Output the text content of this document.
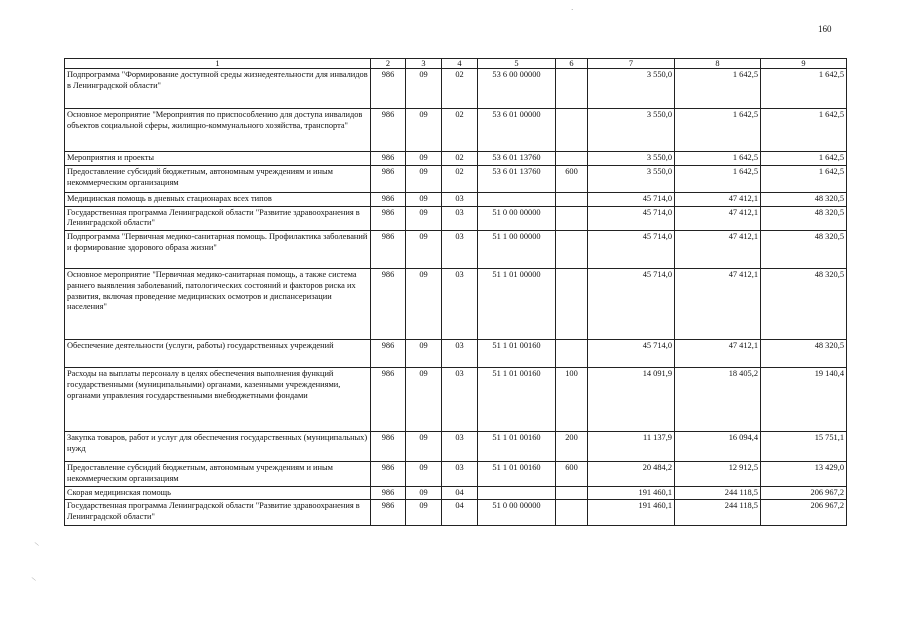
160
·
/
/
1	2	3	4	5	6	7	8	9
Подпрограмма "Формирование доступной среды жизнедеятельности для инвалидов в Ленинградской области"	986	09	02	53 6 00 00000		3 550,0	1 642,5	1 642,5
Основное мероприятие "Мероприятия по приспособлению для доступа инвалидов объектов социальной сферы, жилищно-коммунального хозяйства, транспорта"	986	09	02	53 6 01 00000		3 550,0	1 642,5	1 642,5
Мероприятия и проекты	986	09	02	53 6 01 13760		3 550,0	1 642,5	1 642,5
Предоставление субсидий бюджетным, автономным учреждениям и иным некоммерческим организациям	986	09	02	53 6 01 13760	600	3 550,0	1 642,5	1 642,5
Медицинская помощь в дневных стационарах всех типов	986	09	03			45 714,0	47 412,1	48 320,5
Государственная программа Ленинградской области "Развитие здравоохранения в Ленинградской области"	986	09	03	51 0 00 00000		45 714,0	47 412,1	48 320,5
Подпрограмма "Первичная медико-санитарная помощь. Профилактика заболеваний и формирование здорового образа жизни"	986	09	03	51 1 00 00000		45 714,0	47 412,1	48 320,5
Основное мероприятие "Первичная медико-санитарная помощь, а также система раннего выявления заболеваний, патологических состояний и факторов риска их развития, включая проведение медицинских осмотров и диспансеризации населения"	986	09	03	51 1 01 00000		45 714,0	47 412,1	48 320,5
Обеспечение деятельности (услуги, работы) государственных учреждений	986	09	03	51 1 01 00160		45 714,0	47 412,1	48 320,5
Расходы на выплаты персоналу в целях обеспечения выполнения функций государственными (муниципальными) органами, казенными учреждениями, органами управления государственными внебюджетными фондами	986	09	03	51 1 01 00160	100	14 091,9	18 405,2	19 140,4
Закупка товаров, работ и услуг для обеспечения государственных (муниципальных) нужд	986	09	03	51 1 01 00160	200	11 137,9	16 094,4	15 751,1
Предоставление субсидий бюджетным, автономным учреждениям и иным некоммерческим организациям	986	09	03	51 1 01 00160	600	20 484,2	12 912,5	13 429,0
Скорая медицинская помощь	986	09	04			191 460,1	244 118,5	206 967,2
Государственная программа Ленинградской области "Развитие здравоохранения в Ленинградской области"	986	09	04	51 0 00 00000		191 460,1	244 118,5	206 967,2
